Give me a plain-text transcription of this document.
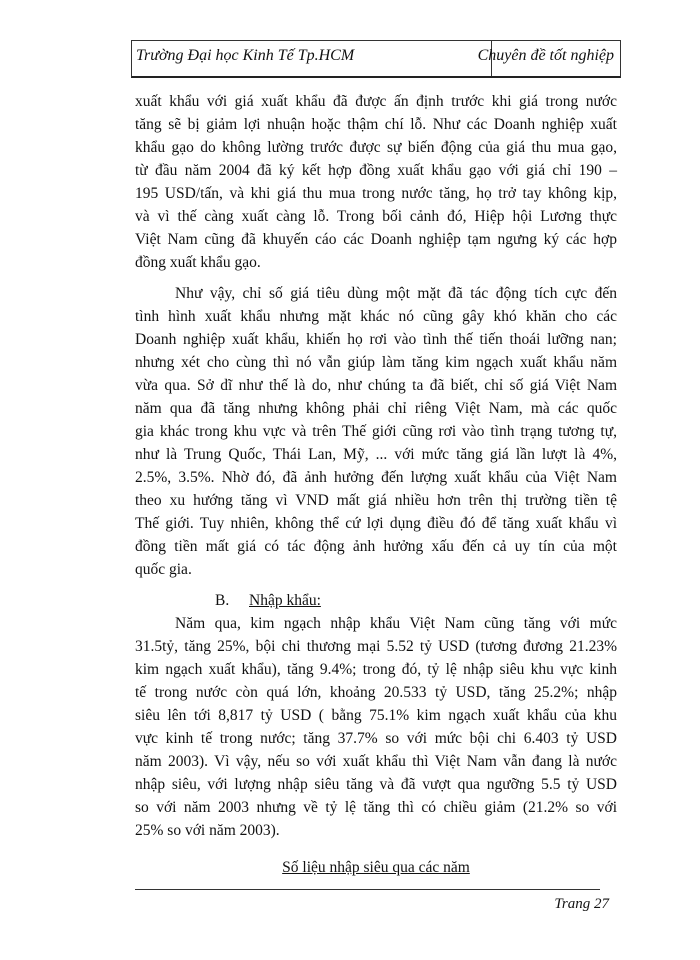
Trường Đại học Kinh Tế Tp.HCM	Chuyên đề tốt nghiệp

xuất khẩu với giá xuất khẩu đã được ấn định trước khi giá trong nước
tăng sẽ bị giảm lợi nhuận hoặc thậm chí lỗ. Như các Doanh nghiệp xuất
khẩu gạo do không lường trước được sự biến động của giá thu mua gạo,
từ đầu năm 2004 đã ký kết hợp đồng xuất khẩu gạo với giá chỉ 190 –
195 USD/tấn, và khi giá thu mua trong nước tăng, họ trở tay không kịp,
và vì thế càng xuất càng lỗ. Trong bối cảnh đó, Hiệp hội Lương thực
Việt Nam cũng đã khuyến cáo các Doanh nghiệp tạm ngưng ký các hợp
đồng xuất khẩu gạo.

Như vậy, chỉ số giá tiêu dùng một mặt đã tác động tích cực đến
tình hình xuất khẩu nhưng mặt khác nó cũng gây khó khăn cho các
Doanh nghiệp xuất khẩu, khiến họ rơi vào tình thế tiến thoái lưỡng nan;
nhưng xét cho cùng thì nó vẫn giúp làm tăng kim ngạch xuất khẩu năm
vừa qua. Sở dĩ như thế là do, như chúng ta đã biết, chỉ số giá Việt Nam
năm qua đã tăng nhưng không phải chỉ riêng Việt Nam, mà các quốc
gia khác trong khu vực và trên Thế giới cũng rơi vào tình trạng tương tự,
như là Trung Quốc, Thái Lan, Mỹ, ... với mức tăng giá lần lượt là 4%,
2.5%, 3.5%. Nhờ đó, đã ảnh hưởng đến lượng xuất khẩu của Việt Nam
theo xu hướng tăng vì VND mất giá nhiều hơn trên thị trường tiền tệ
Thế giới. Tuy nhiên, không thể cứ lợi dụng điều đó để tăng xuất khẩu vì
đồng tiền mất giá có tác động ảnh hưởng xấu đến cả uy tín của một
quốc gia.

B. Nhập khẩu:

Năm qua, kim ngạch nhập khẩu Việt Nam cũng tăng với mức
31.5tỷ, tăng 25%, bội chi thương mại 5.52 tỷ USD (tương đương 21.23%
kim ngạch xuất khẩu), tăng 9.4%; trong đó, tỷ lệ nhập siêu khu vực kinh
tế trong nước còn quá lớn, khoảng 20.533 tỷ USD, tăng 25.2%; nhập
siêu lên tới 8,817 tỷ USD ( bằng 75.1% kim ngạch xuất khẩu của khu
vực kinh tế trong nước; tăng 37.7% so với mức bội chi 6.403 tỷ USD
năm 2003). Vì vậy, nếu so với xuất khẩu thì Việt Nam vẫn đang là nước
nhập siêu, với lượng nhập siêu tăng và đã vượt qua ngưỡng 5.5 tỷ USD
so với năm 2003 nhưng về tỷ lệ tăng thì có chiều giảm (21.2% so với
25% so với năm 2003).

Số liệu nhập siêu qua các năm
Trang 27
